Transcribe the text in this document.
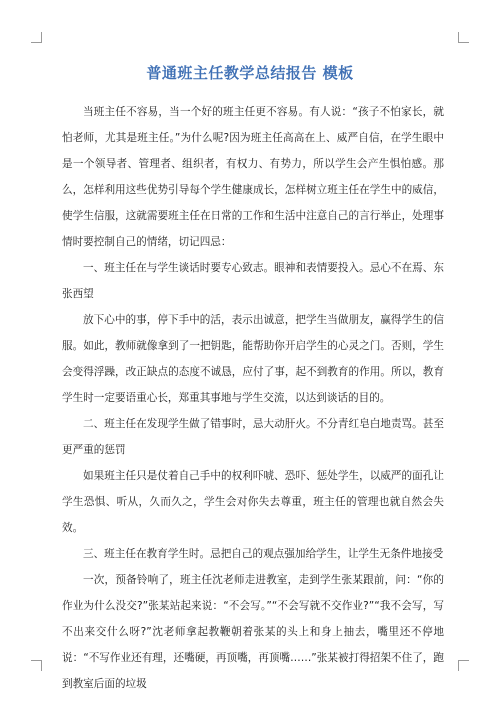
普通班主任教学总结报告 模板

当班主任不容易，当一个好的班主任更不容易。有人说：“孩子不怕家长，就怕老师，尤其是班主任。”为什么呢?因为班主任高高在上、威严自信，在学生眼中是一个领导者、管理者、组织者，有权力、有势力，所以学生会产生惧怕感。那么，怎样利用这些优势引导每个学生健康成长，怎样树立班主任在学生中的威信，使学生信服，这就需要班主任在日常的工作和生活中注意自己的言行举止，处理事情时要控制自己的情绪，切记四忌：

一、班主任在与学生谈话时要专心致志。眼神和表情要投入。忌心不在焉、东张西望

放下心中的事，停下手中的活，表示出诚意，把学生当做朋友，赢得学生的信服。如此，教师就像拿到了一把钥匙，能帮助你开启学生的心灵之门。否则，学生会变得浮躁，改正缺点的态度不诚恳，应付了事，起不到教育的作用。所以，教育学生时一定要语重心长，郑重其事地与学生交流，以达到谈话的目的。

二、班主任在发现学生做了错事时，忌大动肝火。不分青红皂白地责骂。甚至更严重的惩罚

如果班主任只是仗着自己手中的权利吓唬、恐吓、惩处学生，以威严的面孔让学生恐惧、听从，久而久之，学生会对你失去尊重，班主任的管理也就自然会失效。

三、班主任在教育学生时。忌把自己的观点强加给学生，让学生无条件地接受

一次，预备铃响了，班主任沈老师走进教室，走到学生张某跟前，问：“你的作业为什么没交?”张某站起来说：“不会写。”“不会写就不交作业?”“我不会写，写不出来交什么呀?”沈老师拿起教鞭朝着张某的头上和身上抽去，嘴里还不停地说：“不写作业还有理，还嘴硬，再顶嘴，再顶嘴……”张某被打得招架不住了，跑到教室后面的垃圾
